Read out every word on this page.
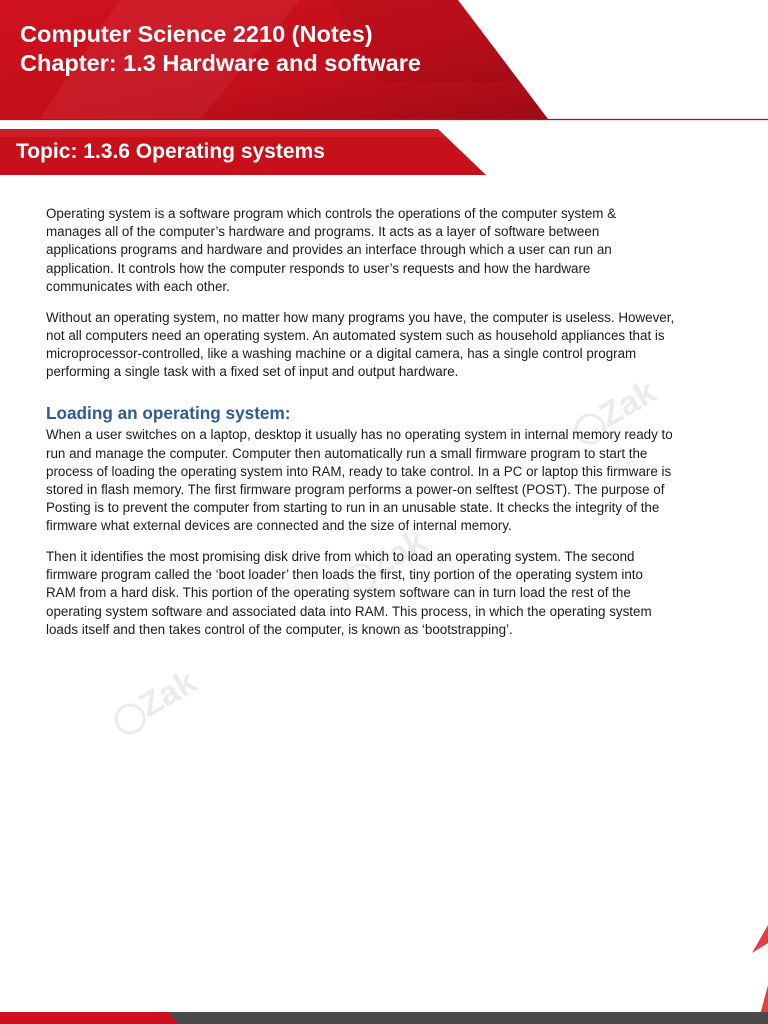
Computer Science 2210 (Notes)
Chapter: 1.3 Hardware and software
Topic: 1.3.6 Operating systems
Zak
Zak
Zak

Operating system is a software program which controls the operations of the computer system &
manages all of the computer’s hardware and programs. It acts as a layer of software between
applications programs and hardware and provides an interface through which a user can run an
application. It controls how the computer responds to user’s requests and how the hardware
communicates with each other.

Without an operating system, no matter how many programs you have, the computer is useless. However,
not all computers need an operating system. An automated system such as household appliances that is
microprocessor-controlled, like a washing machine or a digital camera, has a single control program
performing a single task with a fixed set of input and output hardware.

Loading an operating system:

When a user switches on a laptop, desktop it usually has no operating system in internal memory ready to
run and manage the computer. Computer then automatically run a small firmware program to start the
process of loading the operating system into RAM, ready to take control. In a PC or laptop this firmware is
stored in flash memory. The first firmware program performs a power-on selftest (POST). The purpose of
Posting is to prevent the computer from starting to run in an unusable state. It checks the integrity of the
firmware what external devices are connected and the size of internal memory.

Then it identifies the most promising disk drive from which to load an operating system. The second
firmware program called the ‘boot loader’ then loads the first, tiny portion of the operating system into
RAM from a hard disk. This portion of the operating system software can in turn load the rest of the
operating system software and associated data into RAM. This process, in which the operating system
loads itself and then takes control of the computer, is known as ‘bootstrapping’.
